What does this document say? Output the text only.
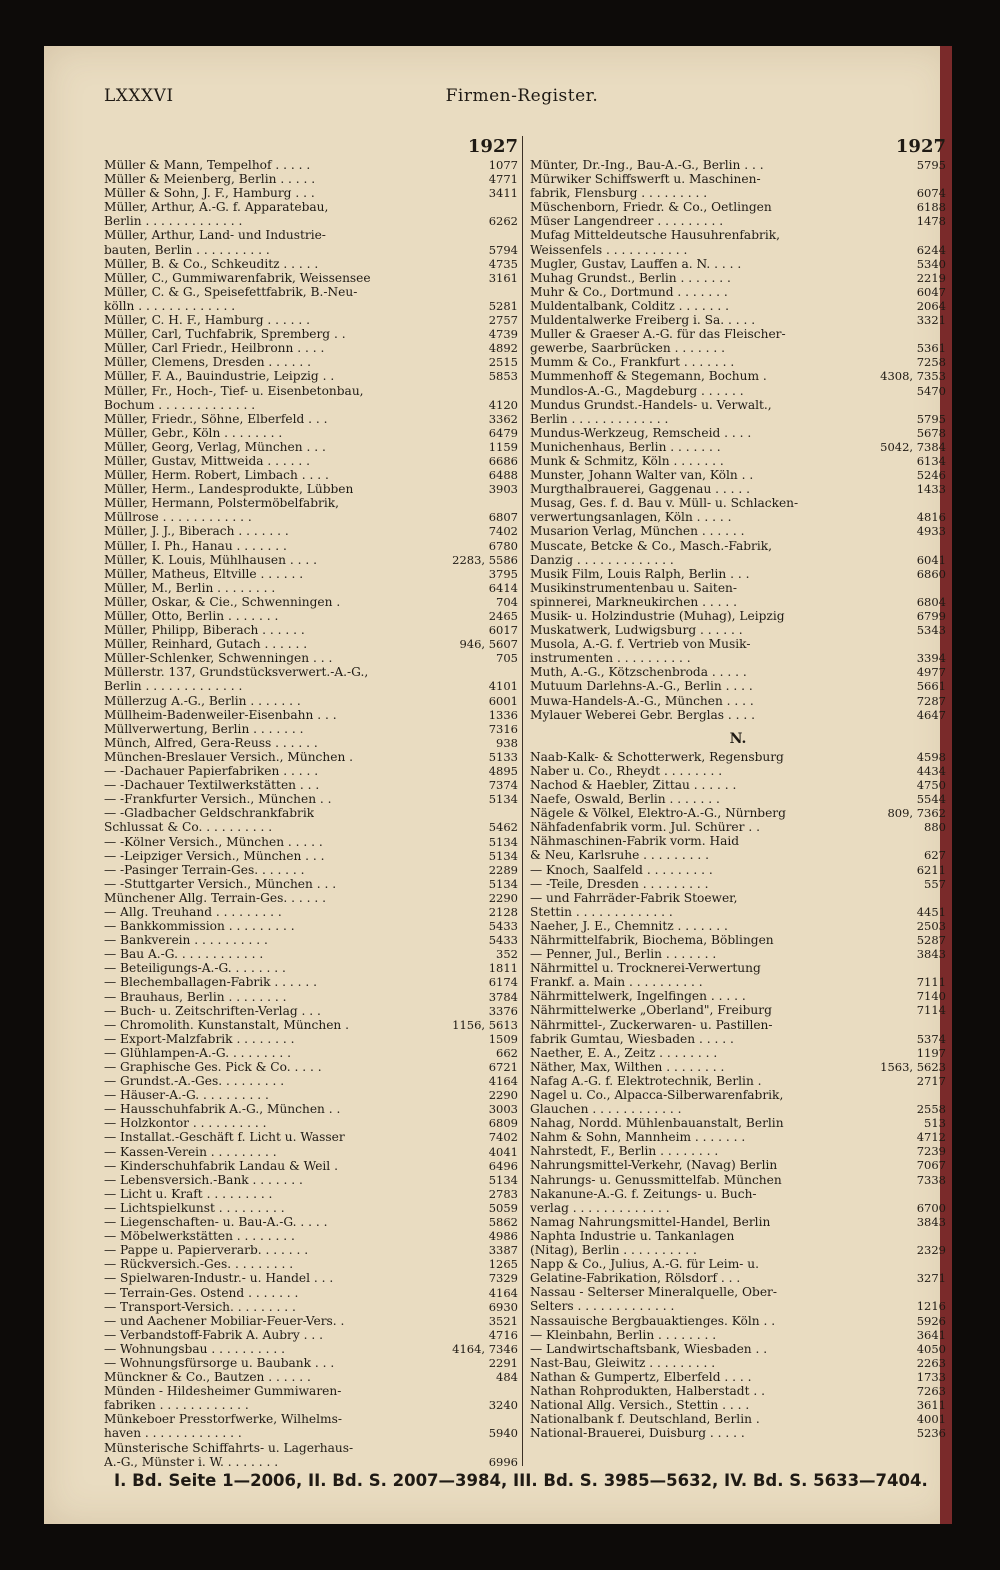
LXXXVI	Firmen-Register.
1927
Müller & Mann, Tempelhof . . . . .	1077
Müller & Meienberg, Berlin . . . . .	4771
Müller & Sohn, J. F., Hamburg . . .	3411
Müller, Arthur, A.-G. f. Apparatebau,
Berlin . . . . . . . . . . . . .	6262
Müller, Arthur, Land- und Industrie-
bauten, Berlin . . . . . . . . . .	5794
Müller, B. & Co., Schkeuditz . . . . .	4735
Müller, C., Gummiwarenfabrik, Weissensee	3161
Müller, C. & G., Speisefettfabrik, B.-Neu-
kölln . . . . . . . . . . . . .	5281
Müller, C. H. F., Hamburg . . . . . .	2757
Müller, Carl, Tuchfabrik, Spremberg . .	4739
Müller, Carl Friedr., Heilbronn . . . .	4892
Müller, Clemens, Dresden . . . . . .	2515
Müller, F. A., Bauindustrie, Leipzig . .	5853
Müller, Fr., Hoch-, Tief- u. Eisenbetonbau,
Bochum . . . . . . . . . . . . .	4120
Müller, Friedr., Söhne, Elberfeld . . .	3362
Müller, Gebr., Köln . . . . . . . .	6479
Müller, Georg, Verlag, München . . .	1159
Müller, Gustav, Mittweida . . . . . .	6686
Müller, Herm. Robert, Limbach . . . .	6488
Müller, Herm., Landesprodukte, Lübben	3903
Müller, Hermann, Polstermöbelfabrik,
Müllrose . . . . . . . . . . . .	6807
Müller, J. J., Biberach . . . . . . .	7402
Müller, I. Ph., Hanau . . . . . . .	6780
Müller, K. Louis, Mühlhausen . . . .	2283, 5586
Müller, Matheus, Eltville . . . . . .	3795
Müller, M., Berlin . . . . . . . .	6414
Müller, Oskar, & Cie., Schwenningen .	704
Müller, Otto, Berlin . . . . . . .	2465
Müller, Philipp, Biberach . . . . . .	6017
Müller, Reinhard, Gutach . . . . . .	946, 5607
Müller-Schlenker, Schwenningen . . .	705
Müllerstr. 137, Grundstücksverwert.-A.-G.,
Berlin . . . . . . . . . . . . .	4101
Müllerzug A.-G., Berlin . . . . . . .	6001
Müllheim-Badenweiler-Eisenbahn . . .	1336
Müllverwertung, Berlin . . . . . . .	7316
Münch, Alfred, Gera-Reuss . . . . . .	938
München-Breslauer Versich., München .	5133
— -Dachauer Papierfabriken . . . . .	4895
— -Dachauer Textilwerkstätten . . .	7374
— -Frankfurter Versich., München . .	5134
— -Gladbacher Geldschrankfabrik
Schlussat & Co. . . . . . . . . .	5462
— -Kölner Versich., München . . . . .	5134
— -Leipziger Versich., München . . .	5134
— -Pasinger Terrain-Ges. . . . . . .	2289
— -Stuttgarter Versich., München . . .	5134
Münchener Allg. Terrain-Ges. . . . . .	2290
— Allg. Treuhand . . . . . . . . .	2128
— Bankkommission . . . . . . . . .	5433
— Bankverein . . . . . . . . . .	5433
— Bau A.-G. . . . . . . . . . . .	352
— Beteiligungs-A.-G. . . . . . . .	1811
— Blechemballagen-Fabrik . . . . . .	6174
— Brauhaus, Berlin . . . . . . . .	3784
— Buch- u. Zeitschriften-Verlag . . .	3376
— Chromolith. Kunstanstalt, München .	1156, 5613
— Export-Malzfabrik . . . . . . . .	1509
— Glühlampen-A.-G. . . . . . . . .	662
— Graphische Ges. Pick & Co. . . . .	6721
— Grundst.-A.-Ges. . . . . . . . .	4164
— Häuser-A.-G. . . . . . . . . .	2290
— Hausschuhfabrik A.-G., München . .	3003
— Holzkontor . . . . . . . . . .	6809
— Installat.-Geschäft f. Licht u. Wasser	7402
— Kassen-Verein . . . . . . . . .	4041
— Kinderschuhfabrik Landau & Weil .	6496
— Lebensversich.-Bank . . . . . . .	5134
— Licht u. Kraft . . . . . . . . .	2783
— Lichtspielkunst . . . . . . . . .	5059
— Liegenschaften- u. Bau-A.-G. . . . .	5862
— Möbelwerkstätten . . . . . . . .	4986
— Pappe u. Papierverarb. . . . . . .	3387
— Rückversich.-Ges. . . . . . . . .	1265
— Spielwaren-Industr.- u. Handel . . .	7329
— Terrain-Ges. Ostend . . . . . . .	4164
— Transport-Versich. . . . . . . . .	6930
— und Aachener Mobiliar-Feuer-Vers. .	3521
— Verbandstoff-Fabrik A. Aubry . . .	4716
— Wohnungsbau . . . . . . . . . .	4164, 7346
— Wohnungsfürsorge u. Baubank . . .	2291
Münckner & Co., Bautzen . . . . . .	484
Münden - Hildesheimer Gummiwaren-
fabriken . . . . . . . . . . . .	3240
Münkeboer Presstorfwerke, Wilhelms-
haven . . . . . . . . . . . . .	5940
Münsterische Schiffahrts- u. Lagerhaus-
A.-G., Münster i. W. . . . . . . .	6996
1927
Münter, Dr.-Ing., Bau-A.-G., Berlin . . .	5795
Mürwiker Schiffswerft u. Maschinen-
fabrik, Flensburg . . . . . . . . .	6074
Müschenborn, Friedr. & Co., Oetlingen	6188
Müser Langendreer . . . . . . . . .	1478
Mufag Mitteldeutsche Hausuhrenfabrik,
Weissenfels . . . . . . . . . . .	6244
Mugler, Gustav, Lauffen a. N. . . . .	5340
Muhag Grundst., Berlin . . . . . . .	2219
Muhr & Co., Dortmund . . . . . . .	6047
Muldentalbank, Colditz . . . . . . .	2064
Muldentalwerke Freiberg i. Sa. . . . .	3321
Muller & Graeser A.-G. für das Fleischer-
gewerbe, Saarbrücken . . . . . . .	5361
Mumm & Co., Frankfurt . . . . . . .	7258
Mummenhoff & Stegemann, Bochum .	4308, 7353
Mundlos-A.-G., Magdeburg . . . . . .	5470
Mundus Grundst.-Handels- u. Verwalt.,
Berlin . . . . . . . . . . . . .	5795
Mundus-Werkzeug, Remscheid . . . .	5678
Munichenhaus, Berlin . . . . . . .	5042, 7384
Munk & Schmitz, Köln . . . . . . .	6134
Munster, Johann Walter van, Köln . .	5246
Murgthalbrauerei, Gaggenau . . . . .	1433
Musag, Ges. f. d. Bau v. Müll- u. Schlacken-
verwertungsanlagen, Köln . . . . .	4816
Musarion Verlag, München . . . . . .	4933
Muscate, Betcke & Co., Masch.-Fabrik,
Danzig . . . . . . . . . . . . .	6041
Musik Film, Louis Ralph, Berlin . . .	6860
Musikinstrumentenbau u. Saiten-
spinnerei, Markneukirchen . . . . .	6804
Musik- u. Holzindustrie (Muhag), Leipzig	6799
Muskatwerk, Ludwigsburg . . . . . .	5343
Musola, A.-G. f. Vertrieb von Musik-
instrumenten . . . . . . . . . .	3394
Muth, A.-G., Kötzschenbroda . . . . .	4977
Mutuum Darlehns-A.-G., Berlin . . . .	5661
Muwa-Handels-A.-G., München . . . .	7287
Mylauer Weberei Gebr. Berglas . . . .	4647
N.
Naab-Kalk- & Schotterwerk, Regensburg	4598
Naber u. Co., Rheydt . . . . . . . .	4434
Nachod & Haebler, Zittau . . . . . .	4750
Naefe, Oswald, Berlin . . . . . . .	5544
Nägele & Völkel, Elektro-A.-G., Nürnberg	809, 7362
Nähfadenfabrik vorm. Jul. Schürer . .	880
Nähmaschinen-Fabrik vorm. Haid
& Neu, Karlsruhe . . . . . . . . .	627
— Knoch, Saalfeld . . . . . . . . .	6211
— -Teile, Dresden . . . . . . . . .	557
— und Fahrräder-Fabrik Stoewer,
Stettin . . . . . . . . . . . . .	4451
Naeher, J. E., Chemnitz . . . . . . .	2503
Nährmittelfabrik, Biochema, Böblingen	5287
— Penner, Jul., Berlin . . . . . . .	3843
Nährmittel u. Trocknerei-Verwertung
Frankf. a. Main . . . . . . . . . .	7111
Nährmittelwerk, Ingelfingen . . . . .	7140
Nährmittelwerke „Oberland", Freiburg	7114
Nährmittel-, Zuckerwaren- u. Pastillen-
fabrik Gumtau, Wiesbaden . . . . .	5374
Naether, E. A., Zeitz . . . . . . . .	1197
Näther, Max, Wilthen . . . . . . . .	1563, 5623
Nafag A.-G. f. Elektrotechnik, Berlin .	2717
Nagel u. Co., Alpacca-Silberwarenfabrik,
Glauchen . . . . . . . . . . . .	2558
Nahag, Nordd. Mühlenbauanstalt, Berlin	513
Nahm & Sohn, Mannheim . . . . . . .	4712
Nahrstedt, F., Berlin . . . . . . . .	7239
Nahrungsmittel-Verkehr, (Navag) Berlin	7067
Nahrungs- u. Genussmittelfab. München	7338
Nakanune-A.-G. f. Zeitungs- u. Buch-
verlag . . . . . . . . . . . . .	6700
Namag Nahrungsmittel-Handel, Berlin	3843
Naphta Industrie u. Tankanlagen
(Nitag), Berlin . . . . . . . . . .	2329
Napp & Co., Julius, A.-G. für Leim- u.
Gelatine-Fabrikation, Rölsdorf . . .	3271
Nassau - Selterser Mineralquelle, Ober-
Selters . . . . . . . . . . . . .	1216
Nassauische Bergbauaktienges. Köln . .	5926
— Kleinbahn, Berlin . . . . . . . .	3641
— Landwirtschaftsbank, Wiesbaden . .	4050
Nast-Bau, Gleiwitz . . . . . . . . .	2263
Nathan & Gumpertz, Elberfeld . . . .	1733
Nathan Rohprodukten, Halberstadt . .	7263
National Allg. Versich., Stettin . . . .	3611
Nationalbank f. Deutschland, Berlin .	4001
National-Brauerei, Duisburg . . . . .	5236
I. Bd. Seite 1—2006, II. Bd. S. 2007—3984, III. Bd. S. 3985—5632, IV. Bd. S. 5633—7404.
